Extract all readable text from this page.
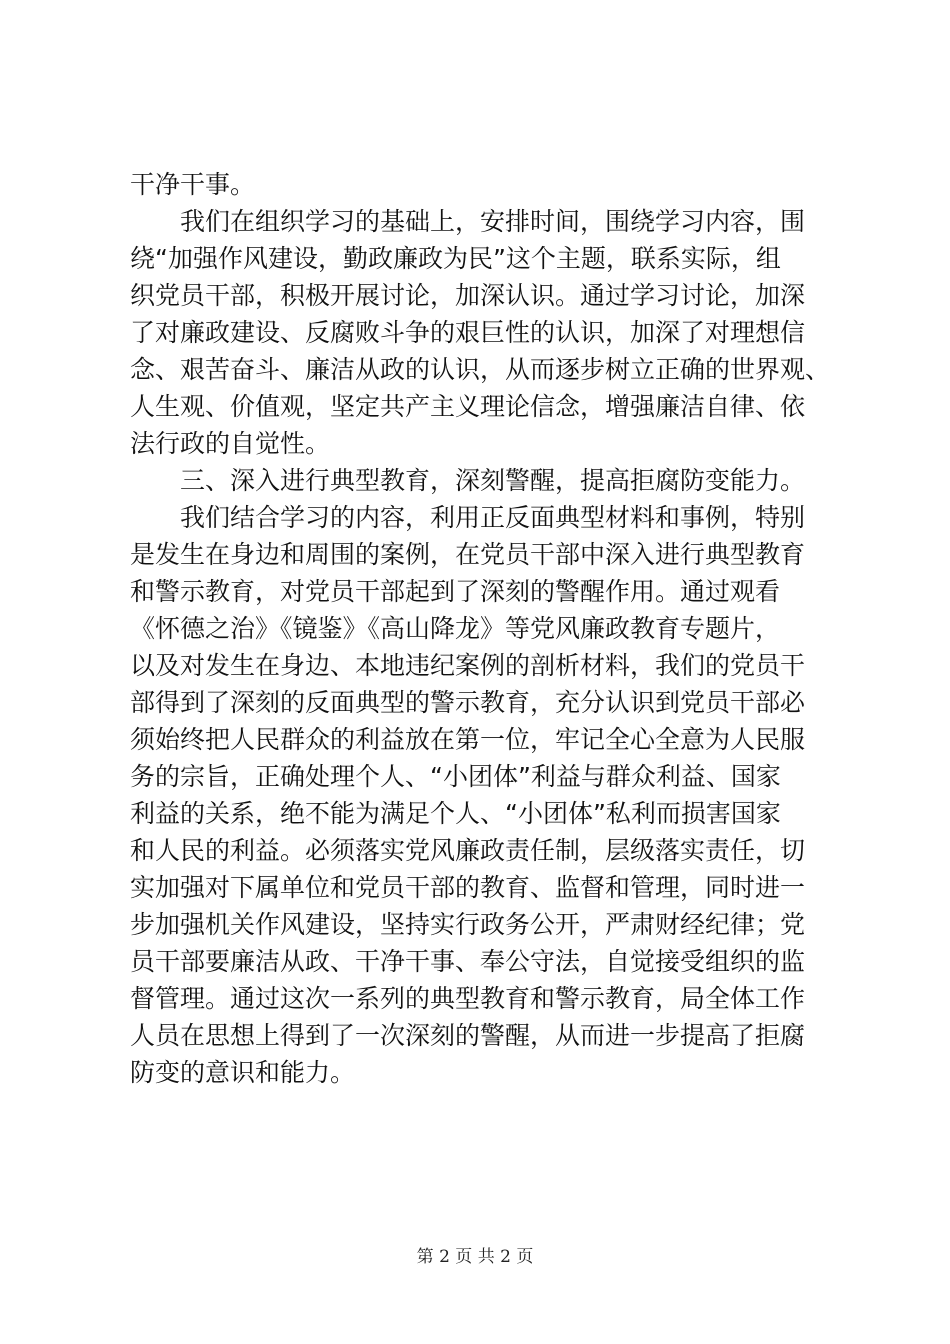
干净干事。
我们在组织学习的基础上，安排时间，围绕学习内容，围
绕“加强作风建设，勤政廉政为民”这个主题，联系实际，组
织党员干部，积极开展讨论，加深认识。通过学习讨论，加深
了对廉政建设、反腐败斗争的艰巨性的认识，加深了对理想信
念、艰苦奋斗、廉洁从政的认识，从而逐步树立正确的世界观、
人生观、价值观，坚定共产主义理论信念，增强廉洁自律、依
法行政的自觉性。
三、深入进行典型教育，深刻警醒，提高拒腐防变能力。
我们结合学习的内容，利用正反面典型材料和事例，特别
是发生在身边和周围的案例，在党员干部中深入进行典型教育
和警示教育，对党员干部起到了深刻的警醒作用。通过观看
《怀德之治》《镜鉴》《高山降龙》等党风廉政教育专题片，
以及对发生在身边、本地违纪案例的剖析材料，我们的党员干
部得到了深刻的反面典型的警示教育，充分认识到党员干部必
须始终把人民群众的利益放在第一位，牢记全心全意为人民服
务的宗旨，正确处理个人、“小团体”利益与群众利益、国家
利益的关系，绝不能为满足个人、“小团体”私利而损害国家
和人民的利益。必须落实党风廉政责任制，层级落实责任，切
实加强对下属单位和党员干部的教育、监督和管理，同时进一
步加强机关作风建设，坚持实行政务公开，严肃财经纪律；党
员干部要廉洁从政、干净干事、奉公守法，自觉接受组织的监
督管理。通过这次一系列的典型教育和警示教育，局全体工作
人员在思想上得到了一次深刻的警醒，从而进一步提高了拒腐
防变的意识和能力。
第 2 页 共 2 页
